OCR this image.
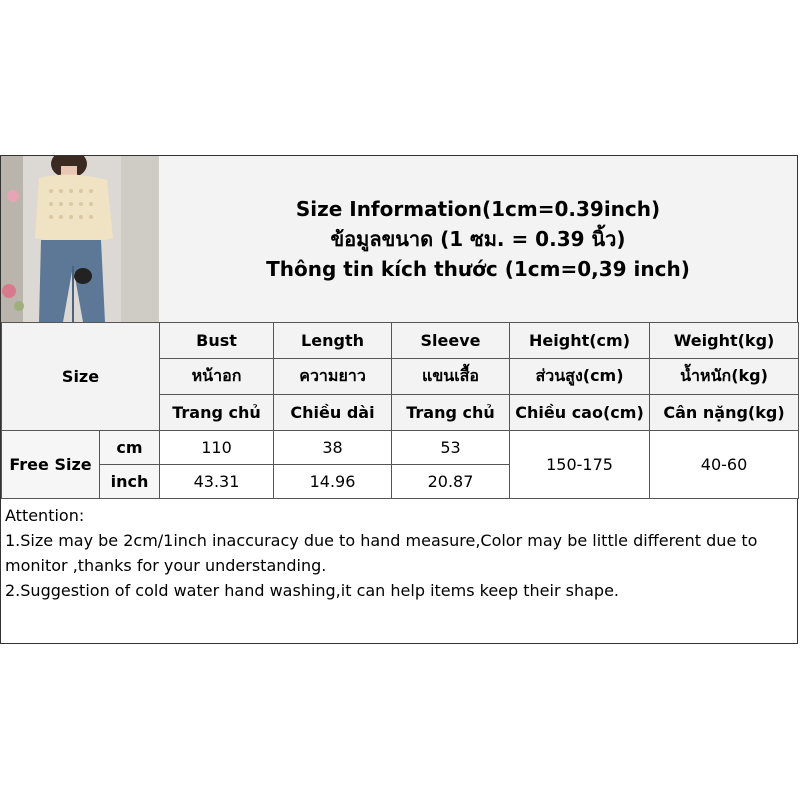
Size Information(1cm=0.39inch)
ข้อมูลขนาด (1 ซม. = 0.39 นิ้ว)
Thông tin kích thước (1cm=0,39 inch)
Size		Bust	Length	Sleeve	Height(cm)	Weight(kg)
		หน้าอก	ความยาว	แขนเสื้อ	ส่วนสูง(cm)	น้ำหนัก(kg)
		Trang chủ	Chiều dài	Trang chủ	Chiều cao(cm)	Cân nặng(kg)
Free Size	cm	110	38	53	150-175	40-60
	inch	43.31	14.96	20.87		
Attention:
1.Size may be 2cm/1inch inaccuracy due to hand measure,Color may be little different due to monitor ,thanks for your understanding.
2.Suggestion of cold water hand washing,it can help items keep their shape.
